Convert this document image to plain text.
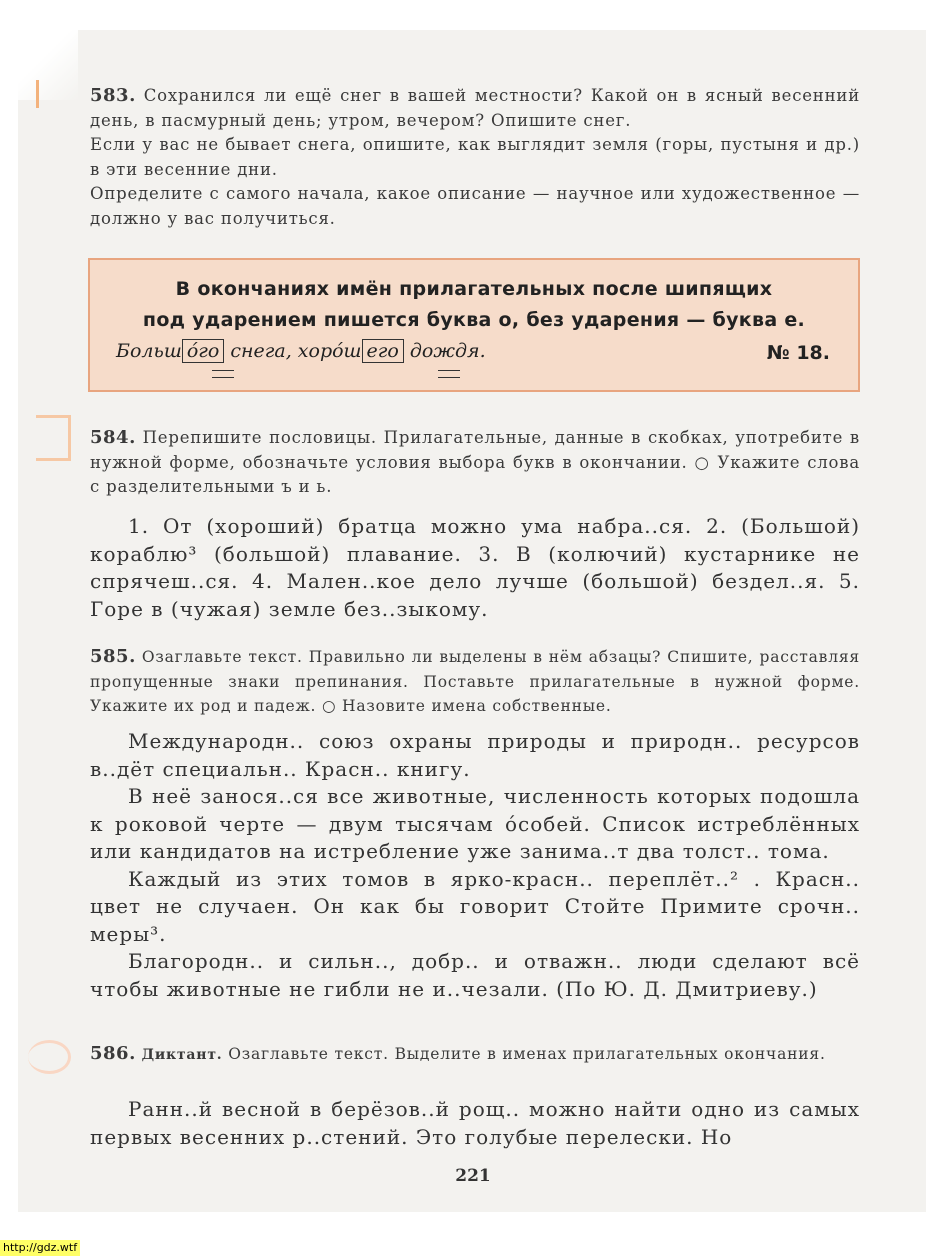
583. Сохранился ли ещё снег в вашей местности? Какой он в ясный весенний день, в пасмурный день; утром, вечером? Опишите снег.

Если у вас не бывает снега, опишите, как выглядит земля (горы, пустыня и др.) в эти весенние дни.

Определите с самого начала, какое описание — научное или художественное — должно у вас получиться.

В окончаниях имён прилагательных после шипящих
под ударением пишется буква о, без ударения — буква е.
Больш óго снега, хорóш его дождя.	№ 18.

584. Перепишите пословицы. Прилагательные, данные в скобках, употребите в нужной форме, обозначьте условия выбора букв в окончании. ○ Укажите слова с разделительными ъ и ь.

1. От (хороший) братца можно ума набра..ся. 2. (Большой) кораблю³ (большой) плавание. 3. В (колючий) кустарнике не спрячеш..ся. 4. Мален..кое дело лучше (большой) бездел..я. 5. Горе в (чужая) земле без..зыкому.

585. Озаглавьте текст. Правильно ли выделены в нём абзацы? Спишите, расставляя пропущенные знаки препинания. Поставьте прилагательные в нужной форме. Укажите их род и падеж. ○ Назовите имена собственные.

Международн.. союз охраны природы и природн.. ресурсов в..дёт специальн.. Красн.. книгу.

В неё занося..ся все животные, численность которых подошла к роковой черте — двум тысячам óсобей. Список истреблённых или кандидатов на истребление уже занима..т два толст.. тома.

Каждый из этих томов в ярко-красн.. переплёт..² . Красн.. цвет не случаен. Он как бы говорит Стойте Примите срочн.. меры³.

Благородн.. и сильн.., добр.. и отважн.. люди сделают всё чтобы животные не гибли не и..чезали. (По Ю. Д. Дмитриеву.)

586. Диктант. Озаглавьте текст. Выделите в именах прилагательных окончания.

Ранн..й весной в берёзов..й рощ.. можно найти одно из самых первых весенних р..стений. Это голубые перелески. Но

221
http://gdz.wtf
